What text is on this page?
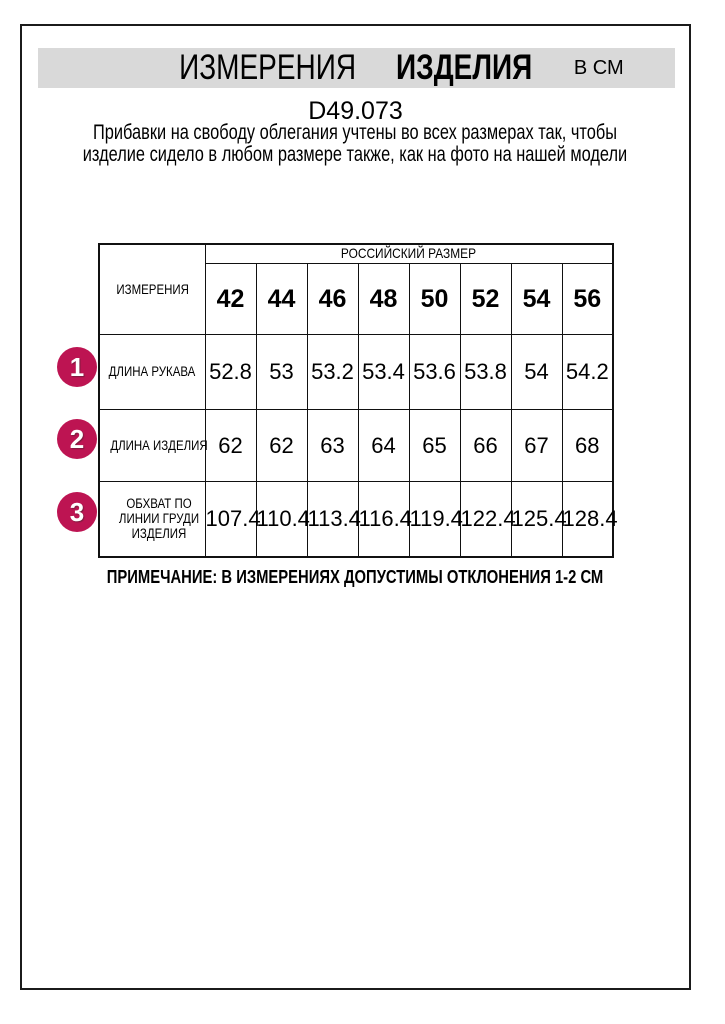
ИЗМЕРЕНИЯ ИЗДЕЛИЯ В СМ
D49.073

Прибавки на свободу облегания учтены во всех размерах так, чтобы изделие сидело в любом размере также, как на фото на нашей модели

1
2
3
ИЗМЕРЕНИЯ	РОССИЙСКИЙ РАЗМЕР							
	42	44	46	48	50	52	54	56
ДЛИНА РУКАВА	52.8	53	53.2	53.4	53.6	53.8	54	54.2
ДЛИНА ИЗДЕЛИЯ	62	62	63	64	65	66	67	68
ОБХВАТ ПО ЛИНИИ ГРУДИ ИЗДЕЛИЯ	107.4	110.4	113.4	116.4	119.4	122.4	125.4	128.4

ПРИМЕЧАНИЕ: В ИЗМЕРЕНИЯХ ДОПУСТИМЫ ОТКЛОНЕНИЯ 1-2 СМ
